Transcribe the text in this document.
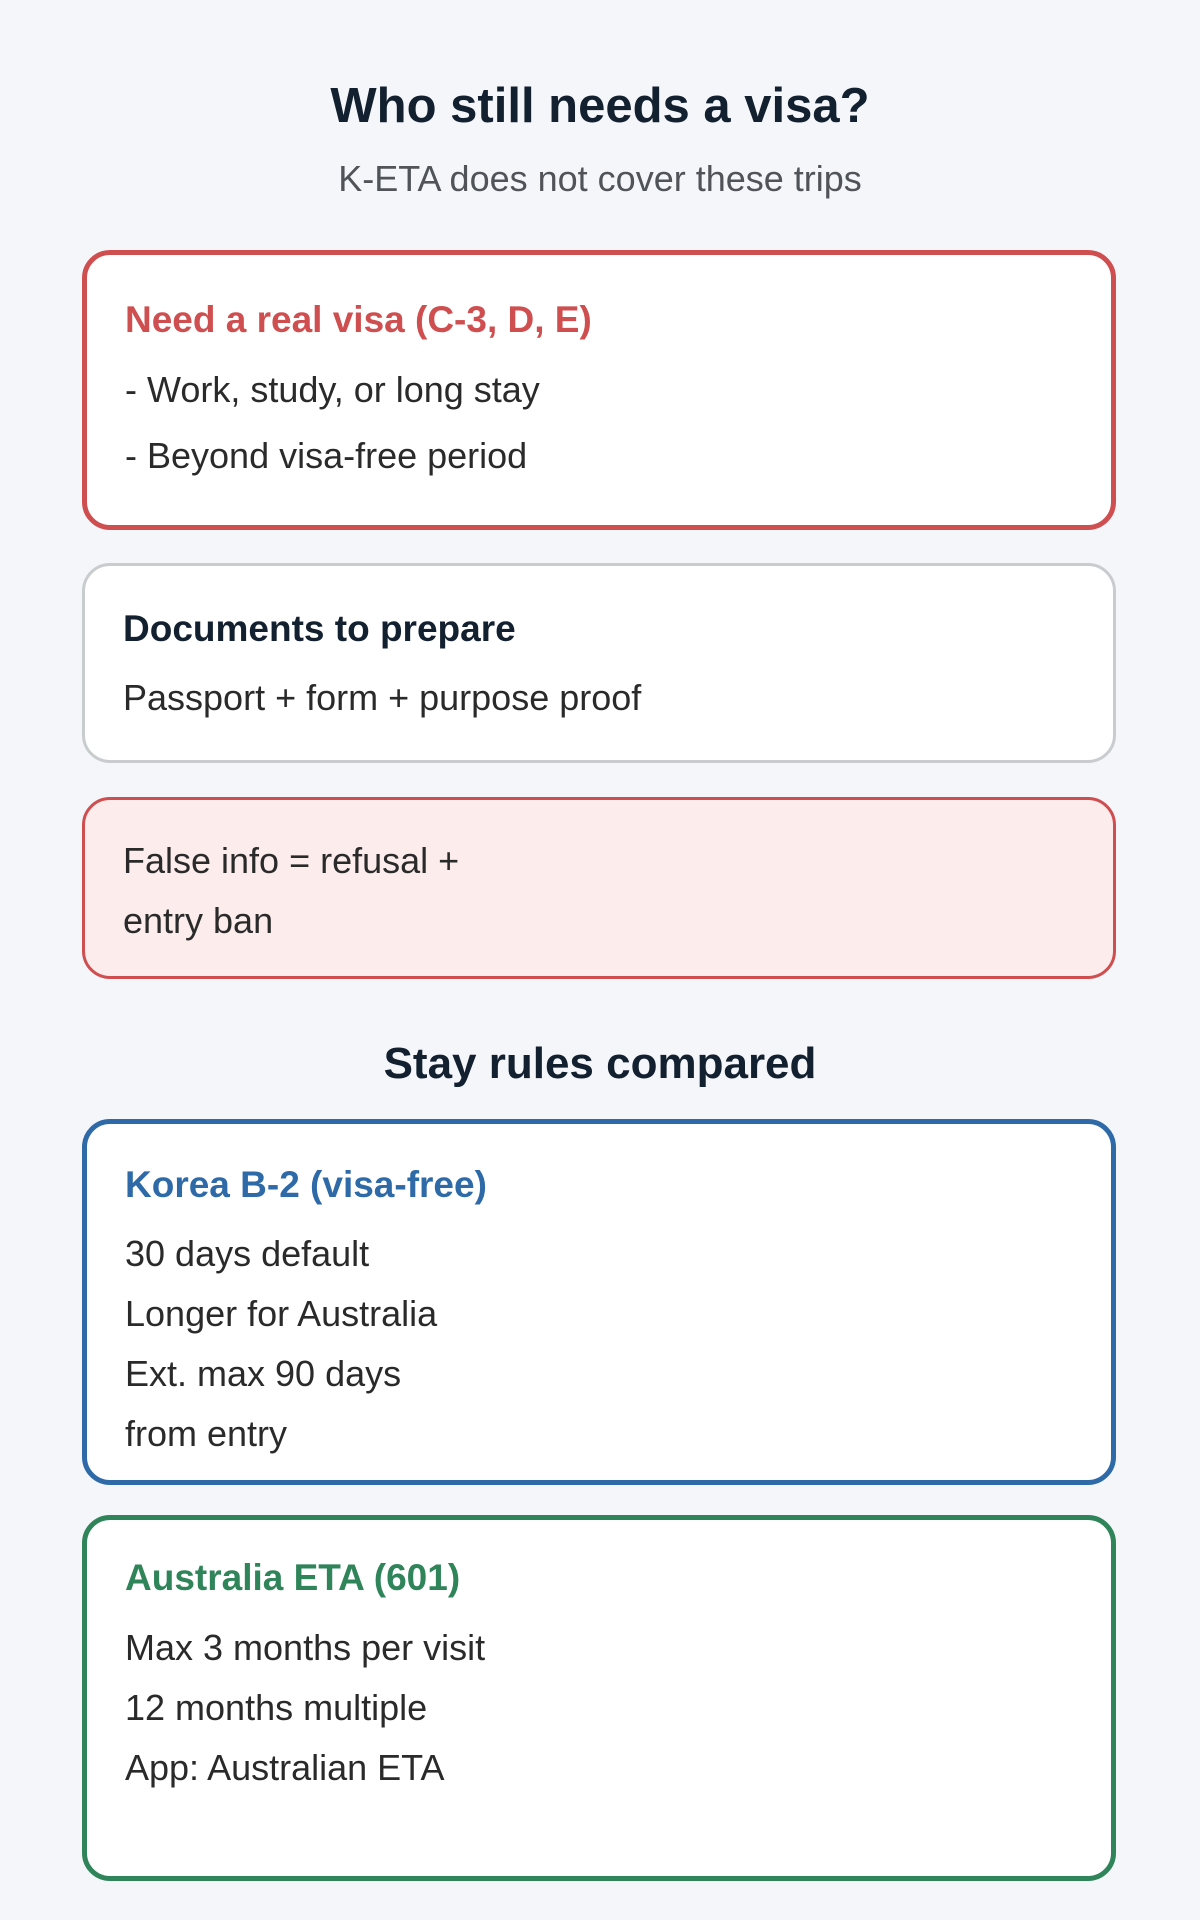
Who still needs a visa?

K-ETA does not cover these trips

Need a real visa (C-3, D, E)

- Work, study, or long stay

- Beyond visa-free period

Documents to prepare

Passport + form + purpose proof

False info = refusal +

entry ban

Stay rules compared

Korea B-2 (visa-free)

30 days default

Longer for Australia

Ext. max 90 days

from entry

Australia ETA (601)

Max 3 months per visit

12 months multiple

App: Australian ETA
